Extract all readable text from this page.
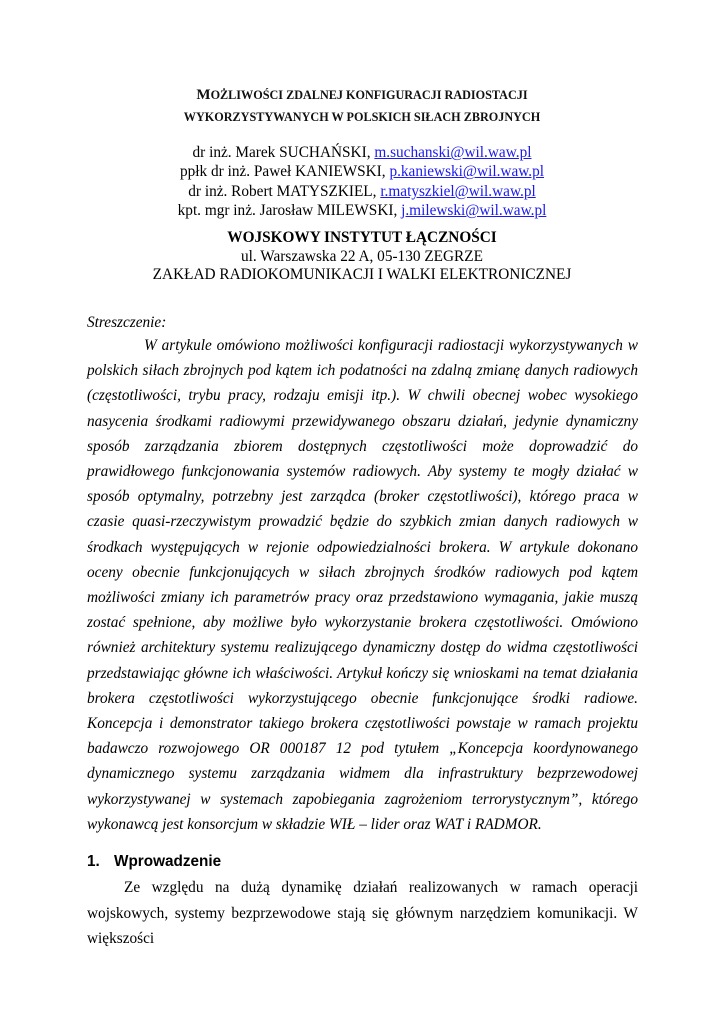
MOŻLIWOŚCI ZDALNEJ KONFIGURACJI RADIOSTACJI
WYKORZYSTYWANYCH W POLSKICH SIŁACH ZBROJNYCH
dr inż. Marek SUCHAŃSKI, m.suchanski@wil.waw.pl
ppłk dr inż. Paweł KANIEWSKI, p.kaniewski@wil.waw.pl
dr inż. Robert MATYSZKIEL, r.matyszkiel@wil.waw.pl
kpt. mgr inż. Jarosław MILEWSKI, j.milewski@wil.waw.pl
WOJSKOWY INSTYTUT ŁĄCZNOŚCI
ul. Warszawska 22 A, 05-130 ZEGRZE
ZAKŁAD RADIOKOMUNIKACJI I WALKI ELEKTRONICZNEJ
Streszczenie:

W artykule omówiono możliwości konfiguracji radiostacji wykorzystywanych w polskich siłach zbrojnych pod kątem ich podatności na zdalną zmianę danych radiowych (częstotliwości, trybu pracy, rodzaju emisji itp.). W chwili obecnej wobec wysokiego nasycenia środkami radiowymi przewidywanego obszaru działań, jedynie dynamiczny sposób zarządzania zbiorem dostępnych częstotliwości może doprowadzić do prawidłowego funkcjonowania systemów radiowych. Aby systemy te mogły działać w sposób optymalny, potrzebny jest zarządca (broker częstotliwości), którego praca w czasie quasi-rzeczywistym prowadzić będzie do szybkich zmian danych radiowych w środkach występujących w rejonie odpowiedzialności brokera. W artykule dokonano oceny obecnie funkcjonujących w siłach zbrojnych środków radiowych pod kątem możliwości zmiany ich parametrów pracy oraz przedstawiono wymagania, jakie muszą zostać spełnione, aby możliwe było wykorzystanie brokera częstotliwości. Omówiono również architektury systemu realizującego dynamiczny dostęp do widma częstotliwości przedstawiając główne ich właściwości. Artykuł kończy się wnioskami na temat działania brokera częstotliwości wykorzystującego obecnie funkcjonujące środki radiowe. Koncepcja i demonstrator takiego brokera częstotliwości powstaje w ramach projektu badawczo rozwojowego OR 000187 12 pod tytułem „Koncepcja koordynowanego dynamicznego systemu zarządzania widmem dla infrastruktury bezprzewodowej wykorzystywanej w systemach zapobiegania zagrożeniom terrorystycznym”, którego wykonawcą jest konsorcjum w składzie WIŁ – lider oraz WAT i RADMOR.

1. Wprowadzenie

Ze względu na dużą dynamikę działań realizowanych w ramach operacji wojskowych, systemy bezprzewodowe stają się głównym narzędziem komunikacji. W większości
